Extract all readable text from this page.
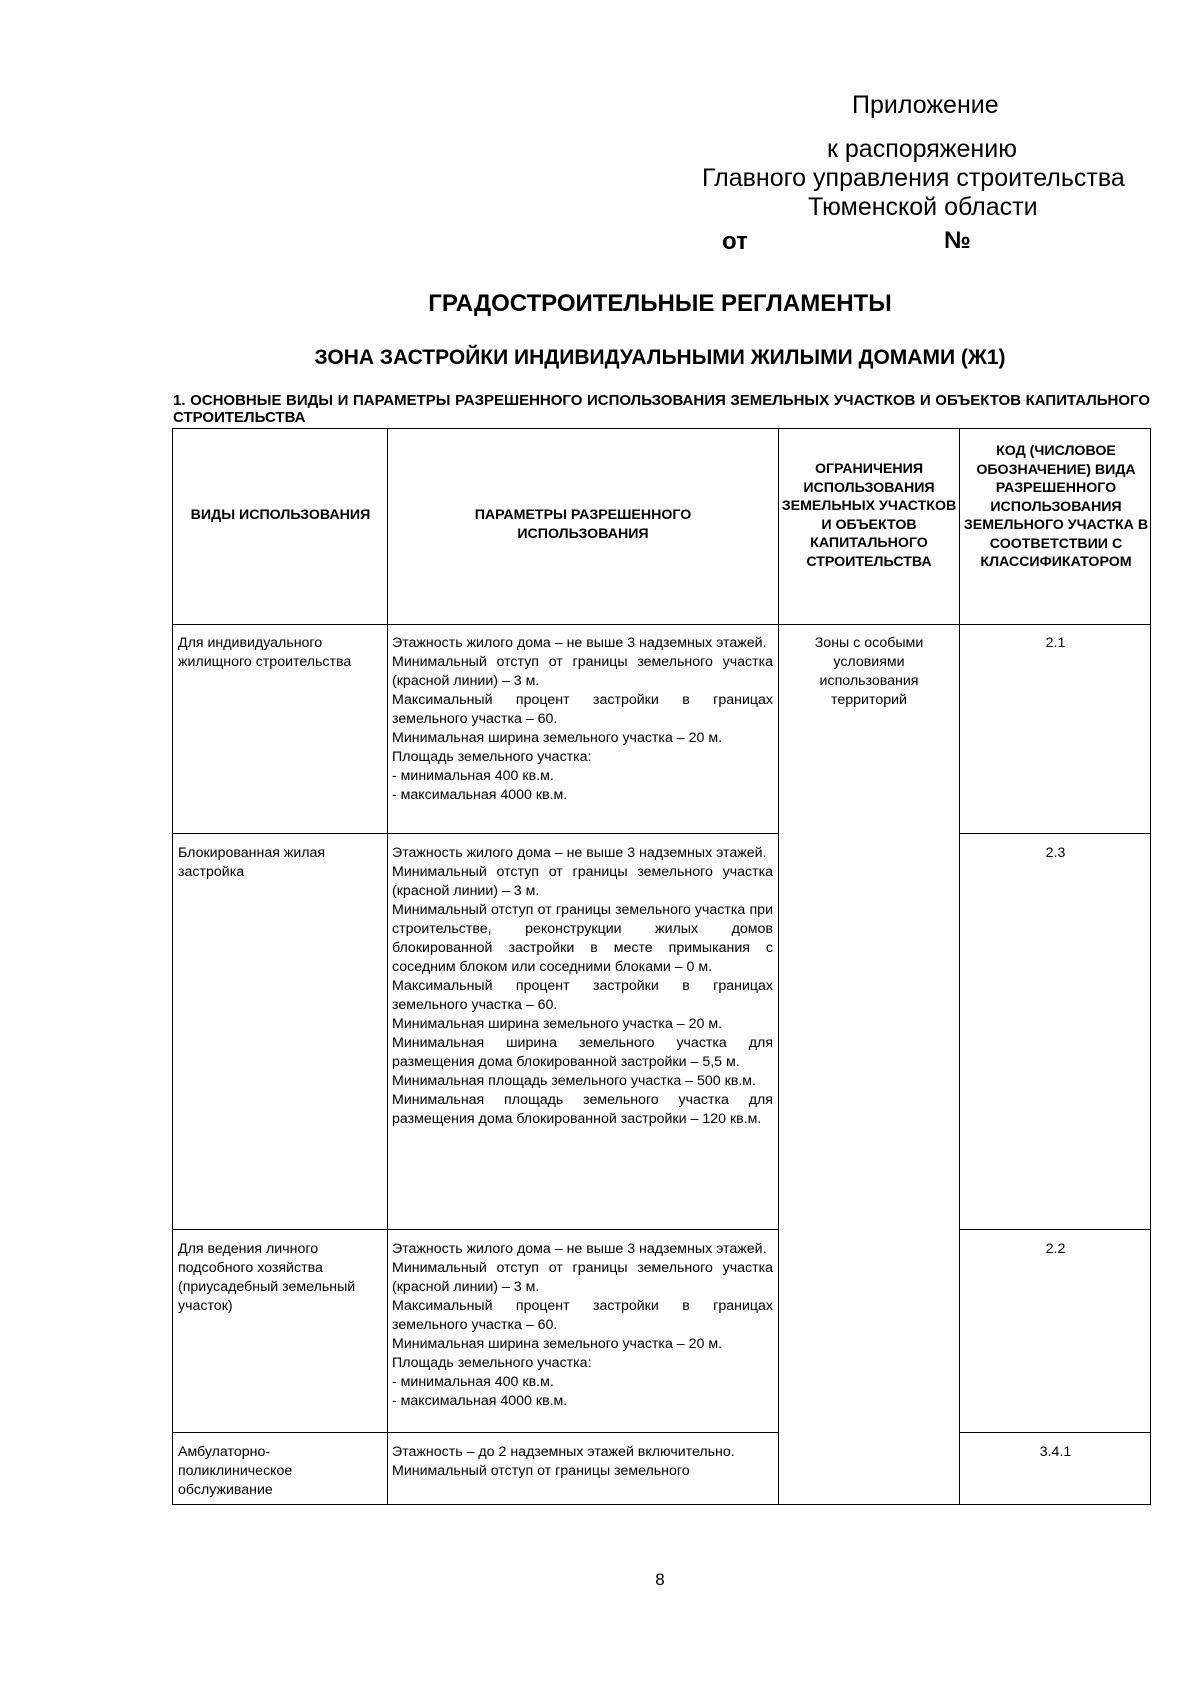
Приложение
к распоряжению
Главного управления строительства
Тюменской области
от	№
ГРАДОСТРОИТЕЛЬНЫЕ РЕГЛАМЕНТЫ
ЗОНА ЗАСТРОЙКИ ИНДИВИДУАЛЬНЫМИ ЖИЛЫМИ ДОМАМИ (Ж1)
1. ОСНОВНЫЕ ВИДЫ И ПАРАМЕТРЫ РАЗРЕШЕННОГО ИСПОЛЬЗОВАНИЯ ЗЕМЕЛЬНЫХ УЧАСТКОВ И ОБЪЕКТОВ КАПИТАЛЬНОГО СТРОИТЕЛЬСТВА
ВИДЫ ИСПОЛЬЗОВАНИЯ	ПАРАМЕТРЫ РАЗРЕШЕННОГО ИСПОЛЬЗОВАНИЯ
ОГРАНИЧЕНИЯ ИСПОЛЬЗОВАНИЯ ЗЕМЕЛЬНЫХ УЧАСТКОВ И ОБЪЕКТОВ КАПИТАЛЬНОГО СТРОИТЕЛЬСТВА
КОД (ЧИСЛОВОЕ ОБОЗНАЧЕНИЕ) ВИДА РАЗРЕШЕННОГО ИСПОЛЬЗОВАНИЯ ЗЕМЕЛЬНОГО УЧАСТКА В СООТВЕТСТВИИ С КЛАССИФИКАТОРОМ
Зоны с особыми условиями использования территорий
Для индивидуального жилищного строительства

Этажность жилого дома – не выше 3 надземных этажей.

Минимальный отступ от границы земельного участка (красной линии) – 3 м.

Максимальный процент застройки в границах земельного участка – 60.

Минимальная ширина земельного участка – 20 м.

Площадь земельного участка:

- минимальная 400 кв.м.

- максимальная 4000 кв.м.

2.1
Блокированная жилая застройка

Этажность жилого дома – не выше 3 надземных этажей.

Минимальный отступ от границы земельного участка (красной линии) – 3 м.

Минимальный отступ от границы земельного участка при строительстве, реконструкции жилых домов блокированной застройки в месте примыкания с соседним блоком или соседними блоками – 0 м.

Максимальный процент застройки в границах земельного участка – 60.

Минимальная ширина земельного участка – 20 м.

Минимальная ширина земельного участка для размещения дома блокированной застройки – 5,5 м.

Минимальная площадь земельного участка – 500 кв.м.

Минимальная площадь земельного участка для размещения дома блокированной застройки – 120 кв.м.

2.3
Для ведения личного подсобного хозяйства (приусадебный земельный участок)

Этажность жилого дома – не выше 3 надземных этажей.

Минимальный отступ от границы земельного участка (красной линии) – 3 м.

Максимальный процент застройки в границах земельного участка – 60.

Минимальная ширина земельного участка – 20 м.

Площадь земельного участка:

- минимальная 400 кв.м.

- максимальная 4000 кв.м.

2.2
Амбулаторно-поликлиническое обслуживание

Этажность – до 2 надземных этажей включительно.

Минимальный отступ от границы земельного

3.4.1
8
